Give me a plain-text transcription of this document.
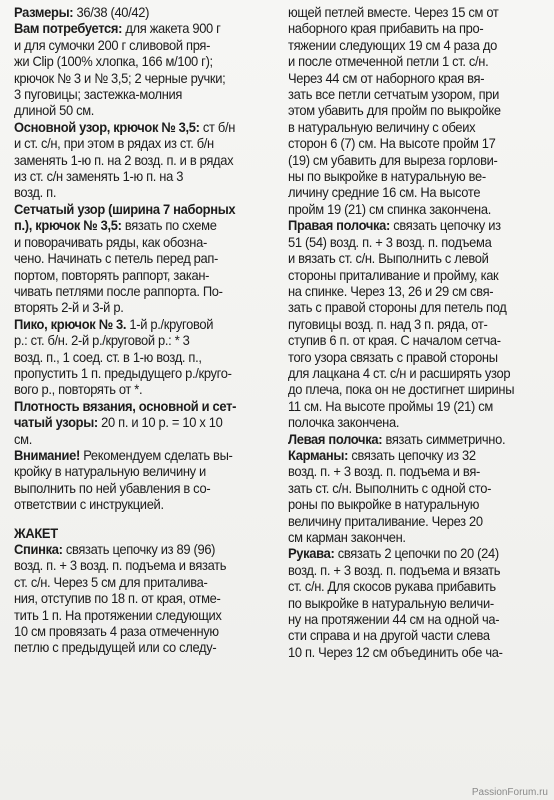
Размеры: 36/38 (40/42)
Вам потребуется: для жакета 900 г
и для сумочки 200 г сливовой пря-
жи Clip (100% хлопка, 166 м/100 г);
крючок № 3 и № 3,5; 2 черные ручки;
3 пуговицы; застежка-молния
длиной 50 см.
Основной узор, крючок № 3,5: ст б/н
и ст. с/н, при этом в рядах из ст. б/н
заменять 1-ю п. на 2 возд. п. и в рядах
из ст. с/н заменять 1-ю п. на 3
возд. п.
Сетчатый узор (ширина 7 наборных
п.), крючок № 3,5: вязать по схеме
и поворачивать ряды, как обозна-
чено. Начинать с петель перед рап-
портом, повторять раппорт, закан-
чивать петлями после раппорта. По-
вторять 2-й и 3-й р.
Пико, крючок № 3. 1-й р./круговой
р.: ст. б/н. 2-й р./круговой р.: * 3
возд. п., 1 соед. ст. в 1-ю возд. п.,
пропустить 1 п. предыдущего р./круго-
вого р., повторять от *.
Плотность вязания, основной и сет-
чатый узоры: 20 п. и 10 р. = 10 х 10
см.
Внимание! Рекомендуем сделать вы-
кройку в натуральную величину и
выполнить по ней убавления в со-
ответствии с инструкцией.
ЖАКЕТ
Спинка: связать цепочку из 89 (96)
возд. п. + 3 возд. п. подъема и вязать
ст. с/н. Через 5 см для приталива-
ния, отступив по 18 п. от края, отме-
тить 1 п. На протяжении следующих
10 см провязать 4 раза отмеченную
петлю с предыдущей или со следу-
ющей петлей вместе. Через 15 см от
наборного края прибавить на про-
тяжении следующих 19 см 4 раза до
и после отмеченной петли 1 ст. с/н.
Через 44 см от наборного края вя-
зать все петли сетчатым узором, при
этом убавить для пройм по выкройке
в натуральную величину с обеих
сторон 6 (7) см. На высоте пройм 17
(19) см убавить для выреза горлови-
ны по выкройке в натуральную ве-
личину средние 16 см. На высоте
пройм 19 (21) см спинка закончена.
Правая полочка: связать цепочку из
51 (54) возд. п. + 3 возд. п. подъема
и вязать ст. с/н. Выполнить с левой
стороны приталивание и пройму, как
на спинке. Через 13, 26 и 29 см свя-
зать с правой стороны для петель под
пуговицы возд. п. над 3 п. ряда, от-
ступив 6 п. от края. С началом сетча-
того узора связать с правой стороны
для лацкана 4 ст. с/н и расширять узор
до плеча, пока он не достигнет ширины
11 см. На высоте проймы 19 (21) см
полочка закончена.
Левая полочка: вязать симметрично.
Карманы: связать цепочку из 32
возд. п. + 3 возд. п. подъема и вя-
зать ст. с/н. Выполнить с одной сто-
роны по выкройке в натуральную
величину приталивание. Через 20
см карман закончен.
Рукава: связать 2 цепочки по 20 (24)
возд. п. + 3 возд. п. подъема и вязать
ст. с/н. Для скосов рукава прибавить
по выкройке в натуральную величи-
ну на протяжении 44 см на одной ча-
сти справа и на другой части слева
10 п. Через 12 см объединить обе ча-
PassionForum.ru
